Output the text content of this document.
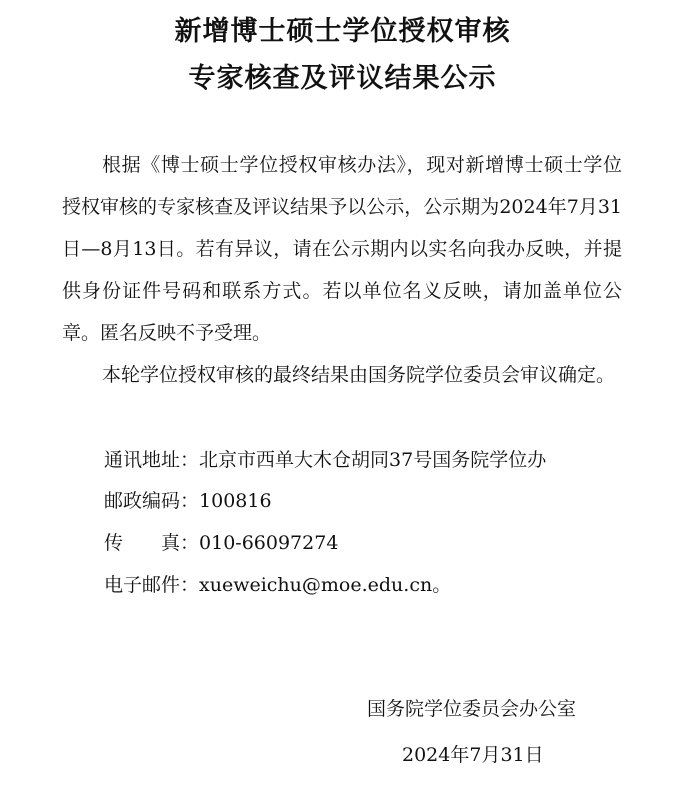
新增博士硕士学位授权审核
专家核查及评议结果公示
根据《博士硕士学位授权审核办法》，现对新增博士硕士学位授权审核的专家核查及评议结果予以公示，公示期为2024年7月31日—8月13日。若有异议，请在公示期内以实名向我办反映，并提供身份证件号码和联系方式。若以单位名义反映，请加盖单位公章。匿名反映不予受理。
本轮学位授权审核的最终结果由国务院学位委员会审议确定。
通讯地址：北京市西单大木仓胡同37号国务院学位办
邮政编码：100816
传　　真：010-66097274
电子邮件：xueweichu@moe.edu.cn。
国务院学位委员会办公室
2024年7月31日
